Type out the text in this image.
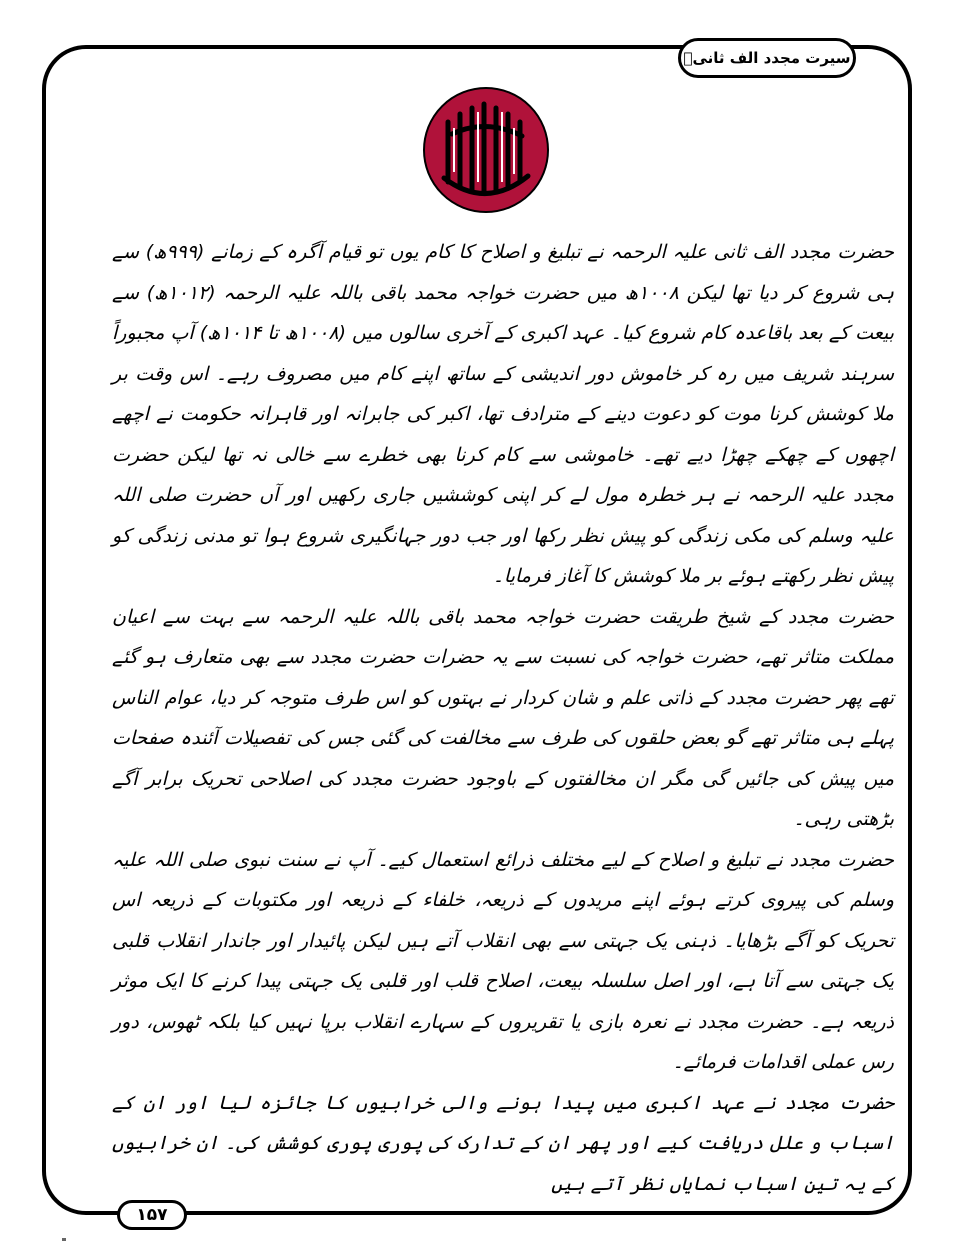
سیرت مجدد الف ثانیؒ

حضرت مجدد الف ثانی علیہ الرحمہ نے تبلیغ و اصلاح کا کام یوں تو قیام آگرہ کے زمانے (۹۹۹ھ) سے ہی شروع کر دیا تھا لیکن ۱۰۰۸ھ میں حضرت خواجہ محمد باقی باللہ علیہ الرحمہ (۱۰۱۲ھ) سے بیعت کے بعد باقاعدہ کام شروع کیا۔ عہد اکبری کے آخری سالوں میں (۱۰۰۸ھ تا ۱۰۱۴ھ) آپ مجبوراً سرہند شریف میں رہ کر خاموش دور اندیشی کے ساتھ اپنے کام میں مصروف رہے۔ اس وقت بر ملا کوشش کرنا موت کو دعوت دینے کے مترادف تھا، اکبر کی جابرانہ اور قاہرانہ حکومت نے اچھے اچھوں کے چھکے چھڑا دیے تھے۔ خاموشی سے کام کرنا بھی خطرے سے خالی نہ تھا لیکن حضرت مجدد علیہ الرحمہ نے ہر خطرہ مول لے کر اپنی کوششیں جاری رکھیں اور آں حضرت صلی اللہ علیہ وسلم کی مکی زندگی کو پیش نظر رکھا اور جب دور جہانگیری شروع ہوا تو مدنی زندگی کو پیش نظر رکھتے ہوئے بر ملا کوشش کا آغاز فرمایا۔

حضرت مجدد کے شیخ طریقت حضرت خواجہ محمد باقی باللہ علیہ الرحمہ سے بہت سے اعیان مملکت متاثر تھے، حضرت خواجہ کی نسبت سے یہ حضرات حضرت مجدد سے بھی متعارف ہو گئے تھے پھر حضرت مجدد کے ذاتی علم و شان کردار نے بہتوں کو اس طرف متوجہ کر دیا، عوام الناس پہلے ہی متاثر تھے گو بعض حلقوں کی طرف سے مخالفت کی گئی جس کی تفصیلات آئندہ صفحات میں پیش کی جائیں گی مگر ان مخالفتوں کے باوجود حضرت مجدد کی اصلاحی تحریک برابر آگے بڑھتی رہی۔

حضرت مجدد نے تبلیغ و اصلاح کے لیے مختلف ذرائع استعمال کیے۔ آپ نے سنت نبوی صلی اللہ علیہ وسلم کی پیروی کرتے ہوئے اپنے مریدوں کے ذریعہ، خلفاء کے ذریعہ اور مکتوبات کے ذریعہ اس تحریک کو آگے بڑھایا۔ ذہنی یک جہتی سے بھی انقلاب آتے ہیں لیکن پائیدار اور جاندار انقلاب قلبی یک جہتی سے آتا ہے، اور اصل سلسلہ بیعت، اصلاح قلب اور قلبی یک جہتی پیدا کرنے کا ایک موثر ذریعہ ہے۔ حضرت مجدد نے نعرہ بازی یا تقریروں کے سہارے انقلاب برپا نہیں کیا بلکہ ٹھوس، دور رس عملی اقدامات فرمائے۔

حضرت مجدد نے عہد اکبری میں پیدا ہونے والی خرابیوں کا جائزہ لیا اور ان کے اسباب و علل دریافت کیے اور پھر ان کے تدارک کی پوری پوری کوشش کی۔ ان خرابیوں کے یہ تین اسباب نمایاں نظر آتے ہیں

۱۵۷
